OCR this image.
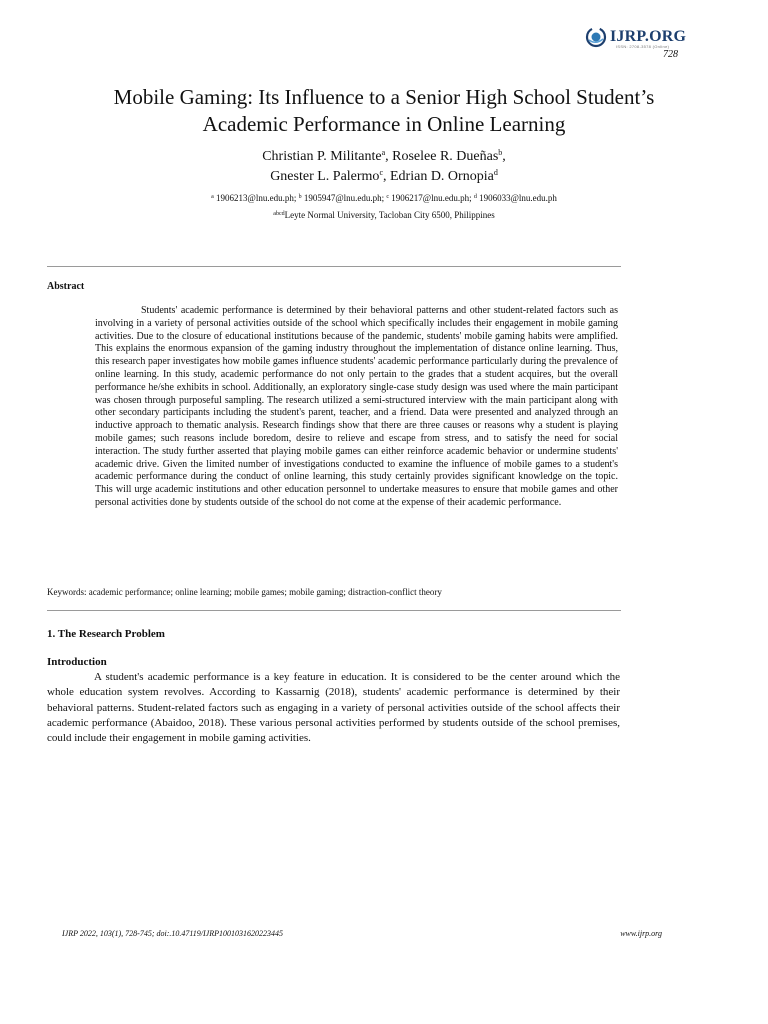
IJRP.ORG
ISSN: 2708-3578 (Online)
728
Mobile Gaming: Its Influence to a Senior High School Student’s
Academic Performance in Online Learning
Christian P. Militante$^a$, Roselee R. Dueñas$^b$,
Gnester L. Palermo$^c$, Edrian D. Ornopia$^d$
$^a$ 1906213@lnu.edu.ph; $^b$ 1905947@lnu.edu.ph; $^c$ 1906217@lnu.edu.ph; $^d$ 1906033@lnu.edu.ph
$^{abcd}$Leyte Normal University, Tacloban City 6500, Philippines
Abstract

Students' academic performance is determined by their behavioral patterns and other student-related factors such as involving in a variety of personal activities outside of the school which specifically includes their engagement in mobile gaming activities. Due to the closure of educational institutions because of the pandemic, students' mobile gaming habits were amplified. This explains the enormous expansion of the gaming industry throughout the implementation of distance online learning. Thus, this research paper investigates how mobile games influence students' academic performance particularly during the prevalence of online learning. In this study, academic performance do not only pertain to the grades that a student acquires, but the overall performance he/she exhibits in school. Additionally, an exploratory single-case study design was used where the main participant was chosen through purposeful sampling. The research utilized a semi-structured interview with the main participant along with other secondary participants including the student's parent, teacher, and a friend. Data were presented and analyzed through an inductive approach to thematic analysis. Research findings show that there are three causes or reasons why a student is playing mobile games; such reasons include boredom, desire to relieve and escape from stress, and to satisfy the need for social interaction. The study further asserted that playing mobile games can either reinforce academic behavior or undermine students' academic drive. Given the limited number of investigations conducted to examine the influence of mobile games to a student's academic performance during the conduct of online learning, this study certainly provides significant knowledge on the topic. This will urge academic institutions and other education personnel to undertake measures to ensure that mobile games and other personal activities done by students outside of the school do not come at the expense of their academic performance.

Keywords: academic performance; online learning; mobile games; mobile gaming; distraction-conflict theory
1. The Research Problem
Introduction

A student's academic performance is a key feature in education. It is considered to be the center around which the whole education system revolves. According to Kassarnig (2018), students' academic performance is determined by their behavioral patterns. Student-related factors such as engaging in a variety of personal activities outside of the school affects their academic performance (Abaidoo, 2018). These various personal activities performed by students outside of the school premises, could include their engagement in mobile gaming activities.

IJRP 2022, 103(1), 728-745; doi:.10.47119/IJRP1001031620223445	www.ijrp.org
